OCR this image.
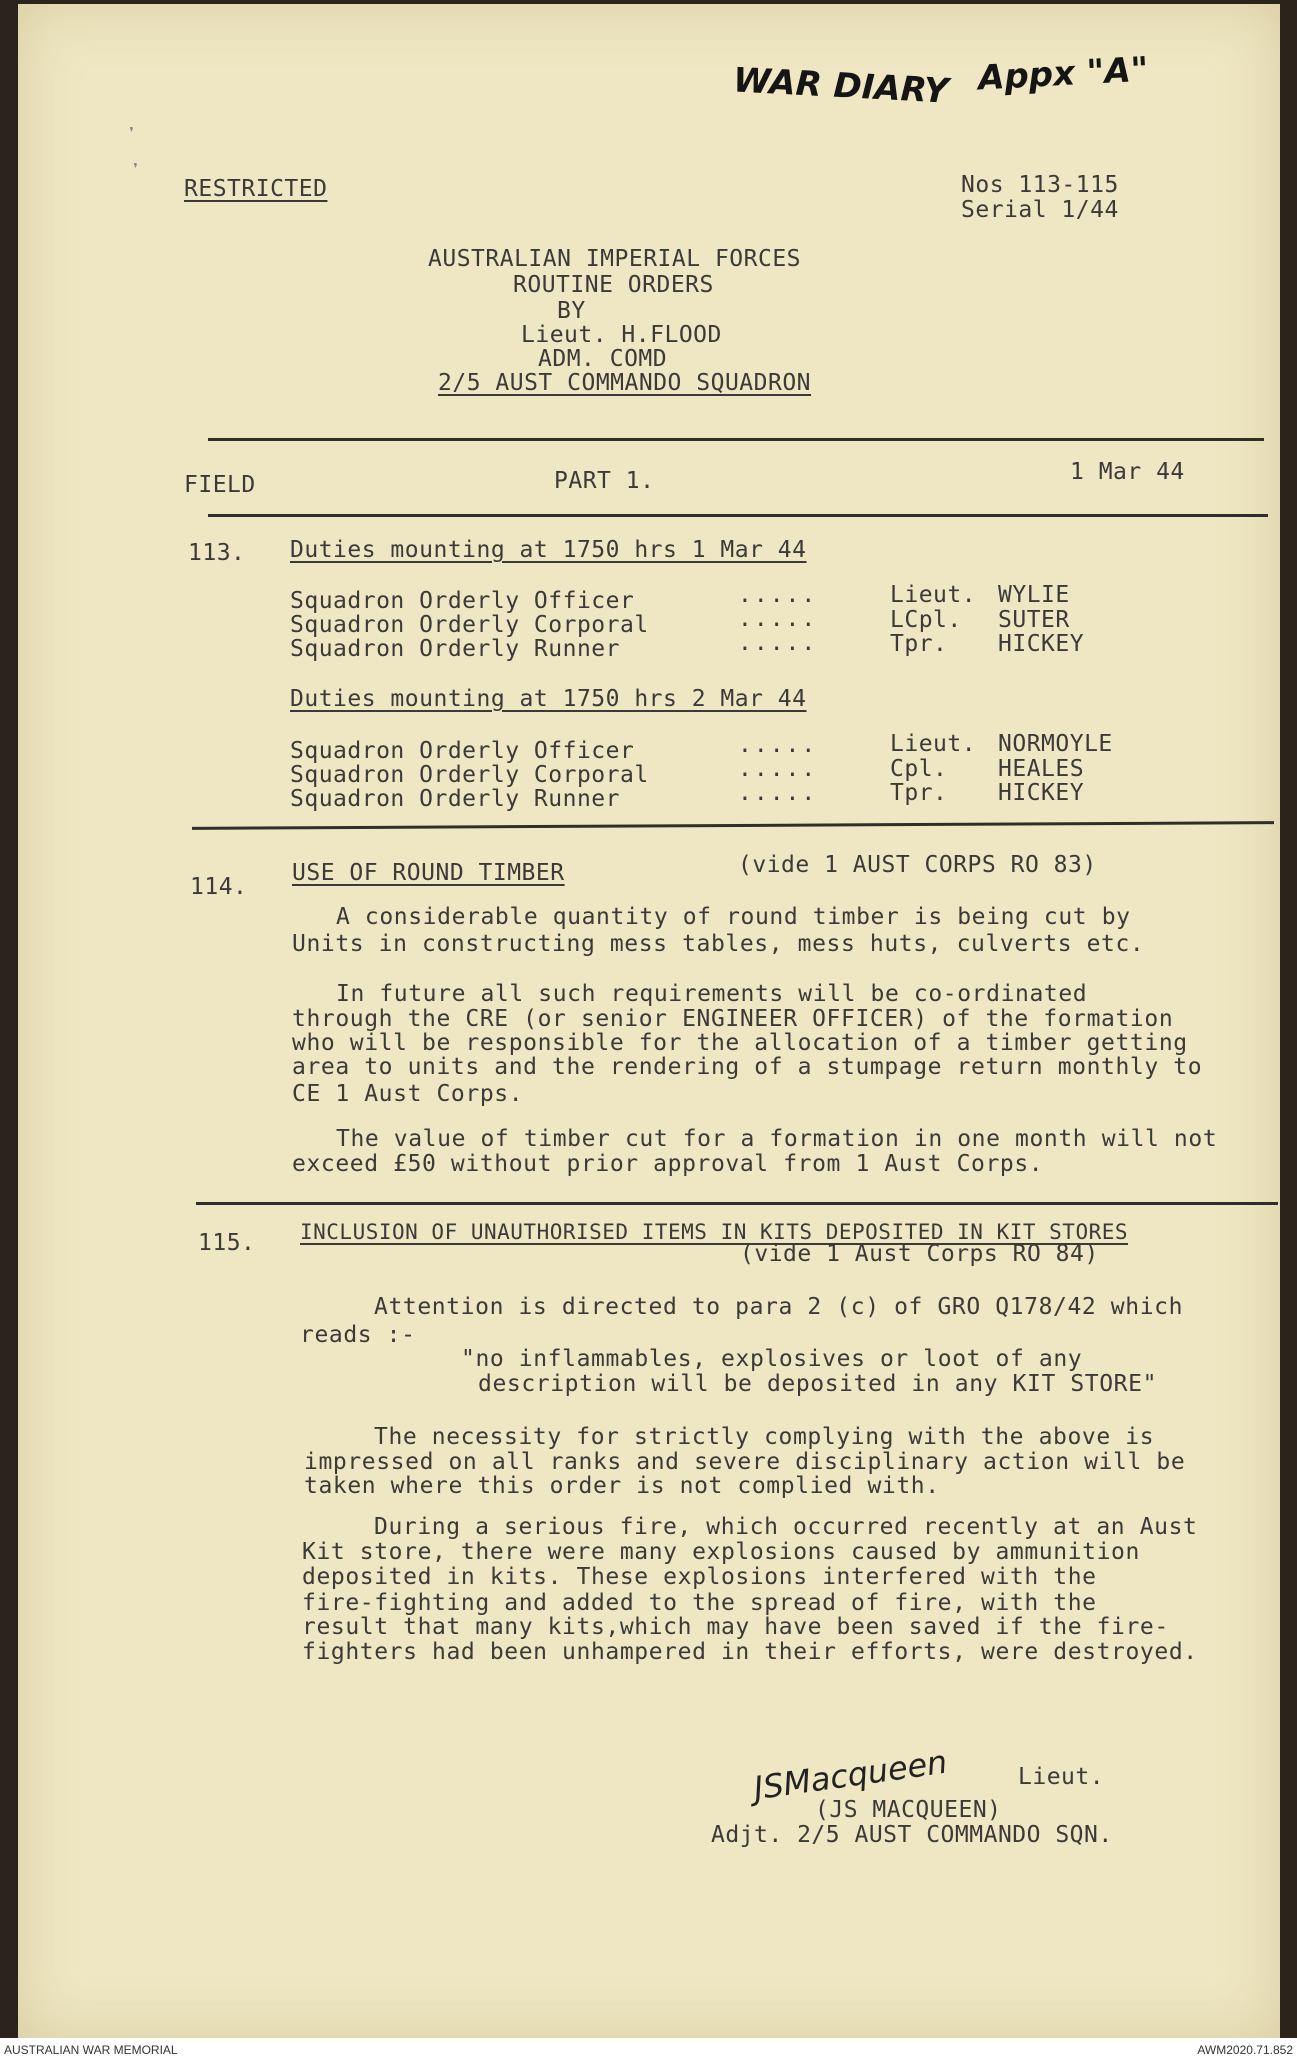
WAR DIARY Appx "A"
❜
❜
RESTRICTED	Nos 113-115
Serial 1/44
AUSTRALIAN IMPERIAL FORCES
ROUTINE ORDERS
BY
Lieut. H.FLOOD
ADM. COMD
2/5 AUST COMMANDO SQUADRON
FIELD	PART 1.	1 Mar 44
113. Duties mounting at 1750 hrs 1 Mar 44
Squadron Orderly Officer	.....	Lieut. WYLIE
Squadron Orderly Corporal	.....	LCpl. SUTER
Squadron Orderly Runner	.....	Tpr. HICKEY
Duties mounting at 1750 hrs 2 Mar 44
Squadron Orderly Officer	.....	Lieut. NORMOYLE
Squadron Orderly Corporal	.....	Cpl. HEALES
Squadron Orderly Runner	.....	Tpr. HICKEY
114.
USE OF ROUND TIMBER	(vide 1 AUST CORPS RO 83)
A considerable quantity of round timber is being cut by
Units in constructing mess tables, mess huts, culverts etc.
In future all such requirements will be co-ordinated
through the CRE (or senior ENGINEER OFFICER) of the formation
who will be responsible for the allocation of a timber getting
area to units and the rendering of a stumpage return monthly to
CE 1 Aust Corps.
The value of timber cut for a formation in one month will not
exceed £50 without prior approval from 1 Aust Corps.
115. INCLUSION OF UNAUTHORISED ITEMS IN KITS DEPOSITED IN KIT STORES
(vide 1 Aust Corps RO 84)
Attention is directed to para 2 (c) of GRO Q178/42 which
reads :-
"no inflammables, explosives or loot of any
description will be deposited in any KIT STORE"
The necessity for strictly complying with the above is
impressed on all ranks and severe disciplinary action will be
taken where this order is not complied with.
During a serious fire, which occurred recently at an Aust
Kit store, there were many explosions caused by ammunition
deposited in kits. These explosions interfered with the
fire-fighting and added to the spread of fire, with the
result that many kits,which may have been saved if the fire-
fighters had been unhampered in their efforts, were destroyed.
JSMacqueen	Lieut.
(JS MACQUEEN)
Adjt. 2/5 AUST COMMANDO SQN.
AUSTRALIAN WAR MEMORIAL	AWM2020.71.852
